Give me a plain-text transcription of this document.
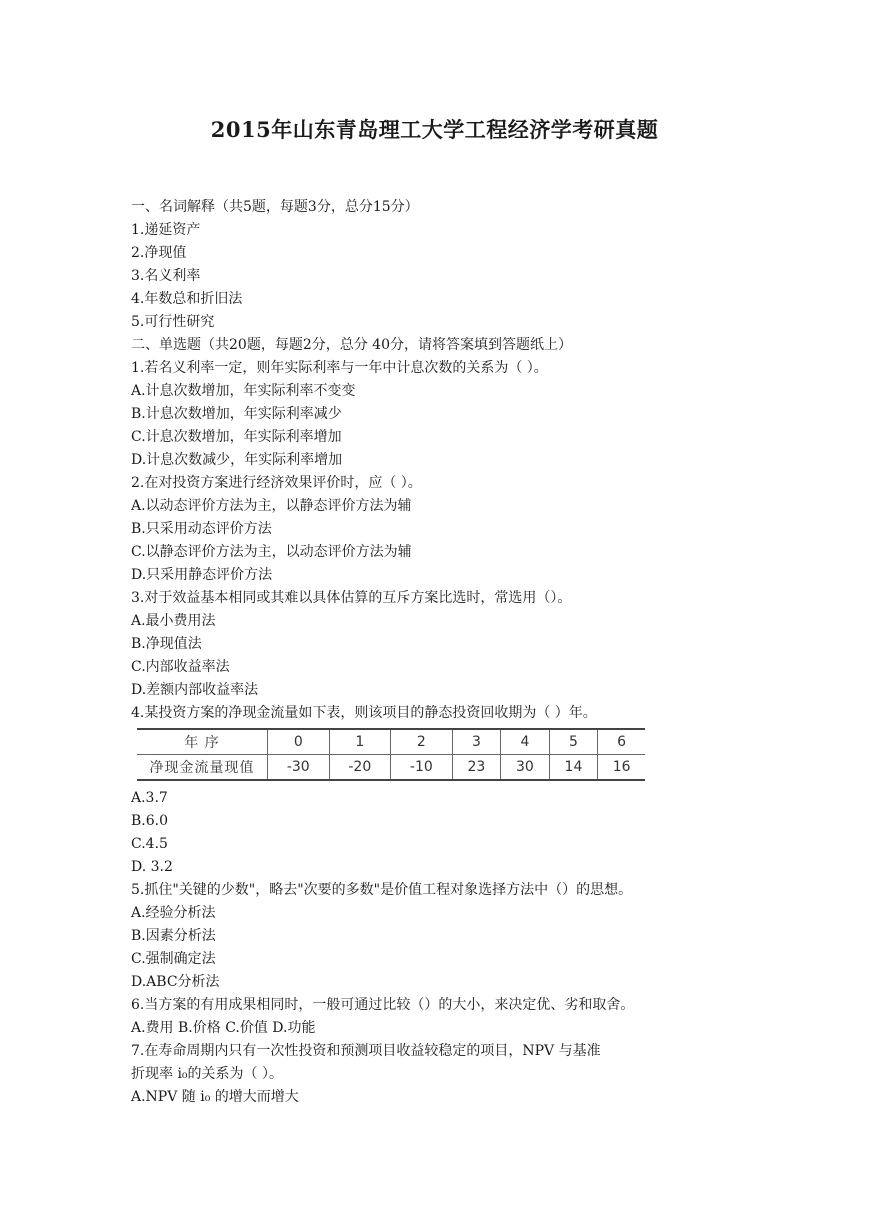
2015年山东青岛理工大学工程经济学考研真题
一、名词解释（共5题，每题3分，总分15分）
1.递延资产
2.净现值
3.名义利率
4.年数总和折旧法
5.可行性研究
二、单选题（共20题，每题2分，总分 40分，请将答案填到答题纸上）
1.若名义利率一定，则年实际利率与一年中计息次数的关系为（ ）。
A.计息次数增加，年实际利率不变变
B.计息次数增加，年实际利率减少
C.计息次数增加，年实际利率增加
D.计息次数减少，年实际利率增加
2.在对投资方案进行经济效果评价时，应（ ）。
A.以动态评价方法为主，以静态评价方法为辅
B.只采用动态评价方法
C.以静态评价方法为主，以动态评价方法为辅
D.只采用静态评价方法
3.对于效益基本相同或其难以具体估算的互斥方案比选时，常选用（）。
A.最小费用法
B.净现值法
C.内部收益率法
D.差额内部收益率法
4.某投资方案的净现金流量如下表，则该项目的静态投资回收期为（ ）年。
年 序	0	1	2	3	4	5	6
净现金流量现值	-30	-20	-10	23	30	14	16
A.3.7
B.6.0
C.4.5
D. 3.2
5.抓住"关键的少数"，略去"次要的多数"是价值工程对象选择方法中（）的思想。
A.经验分析法
B.因素分析法
C.强制确定法
D.ABC分析法
6.当方案的有用成果相同时，一般可通过比较（）的大小，来决定优、劣和取舍。
A.费用 B.价格 C.价值 D.功能
7.在寿命周期内只有一次性投资和预测项目收益较稳定的项目，NPV 与基准
折现率 i₀的关系为（ ）。
A.NPV 随 i₀ 的增大而增大
